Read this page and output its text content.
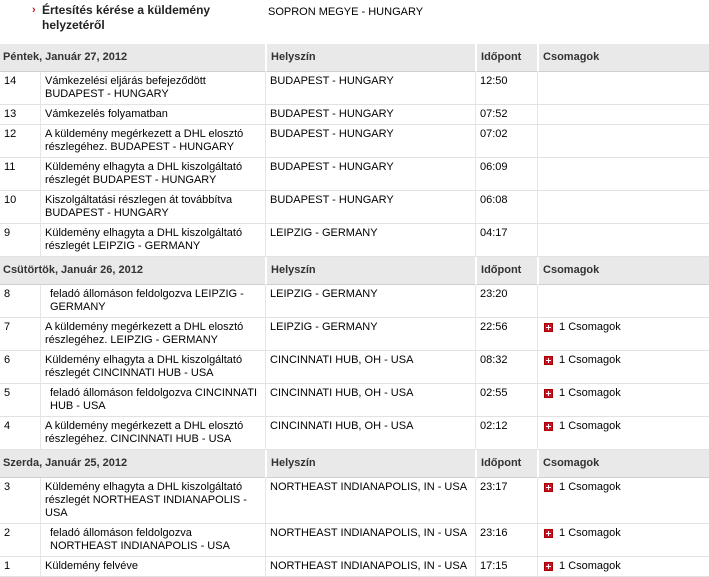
› Értesítés kérése a küldemény helyzetéről
SOPRON MEGYE - HUNGARY
Péntek, Január 27, 2012		Helyszín	Időpont	Csomagok
14	Vámkezelési eljárás befejeződött BUDAPEST - HUNGARY	BUDAPEST - HUNGARY	12:50	
13	Vámkezelés folyamatban	BUDAPEST - HUNGARY	07:52	
12	A küldemény megérkezett a DHL elosztó részlegéhez. BUDAPEST - HUNGARY	BUDAPEST - HUNGARY	07:02	
11	Küldemény elhagyta a DHL kiszolgáltató részlegét BUDAPEST - HUNGARY	BUDAPEST - HUNGARY	06:09	
10	Kiszolgáltatási részlegen át továbbítva BUDAPEST - HUNGARY	BUDAPEST - HUNGARY	06:08	
9	Küldemény elhagyta a DHL kiszolgáltató részlegét LEIPZIG - GERMANY	LEIPZIG - GERMANY	04:17	
Csütörtök, Január 26, 2012		Helyszín	Időpont	Csomagok
8	feladó állomáson feldolgozva LEIPZIG - GERMANY	LEIPZIG - GERMANY	23:20	
7	A küldemény megérkezett a DHL elosztó részlegéhez. LEIPZIG - GERMANY	LEIPZIG - GERMANY	22:56	1 Csomagok

6	Küldemény elhagyta a DHL kiszolgáltató részlegét CINCINNATI HUB - USA	CINCINNATI HUB, OH - USA	08:32	1 Csomagok

5	feladó állomáson feldolgozva CINCINNATI HUB - USA	CINCINNATI HUB, OH - USA	02:55	1 Csomagok

4	A küldemény megérkezett a DHL elosztó részlegéhez. CINCINNATI HUB - USA	CINCINNATI HUB, OH - USA	02:12	1 Csomagok

Szerda, Január 25, 2012		Helyszín	Időpont	Csomagok
3	Küldemény elhagyta a DHL kiszolgáltató részlegét NORTHEAST INDIANAPOLIS - USA	NORTHEAST INDIANAPOLIS, IN - USA	23:17	1 Csomagok

2	feladó állomáson feldolgozva NORTHEAST INDIANAPOLIS - USA	NORTHEAST INDIANAPOLIS, IN - USA	23:16	1 Csomagok

1	Küldemény felvéve	NORTHEAST INDIANAPOLIS, IN - USA	17:15	1 Csomagok
